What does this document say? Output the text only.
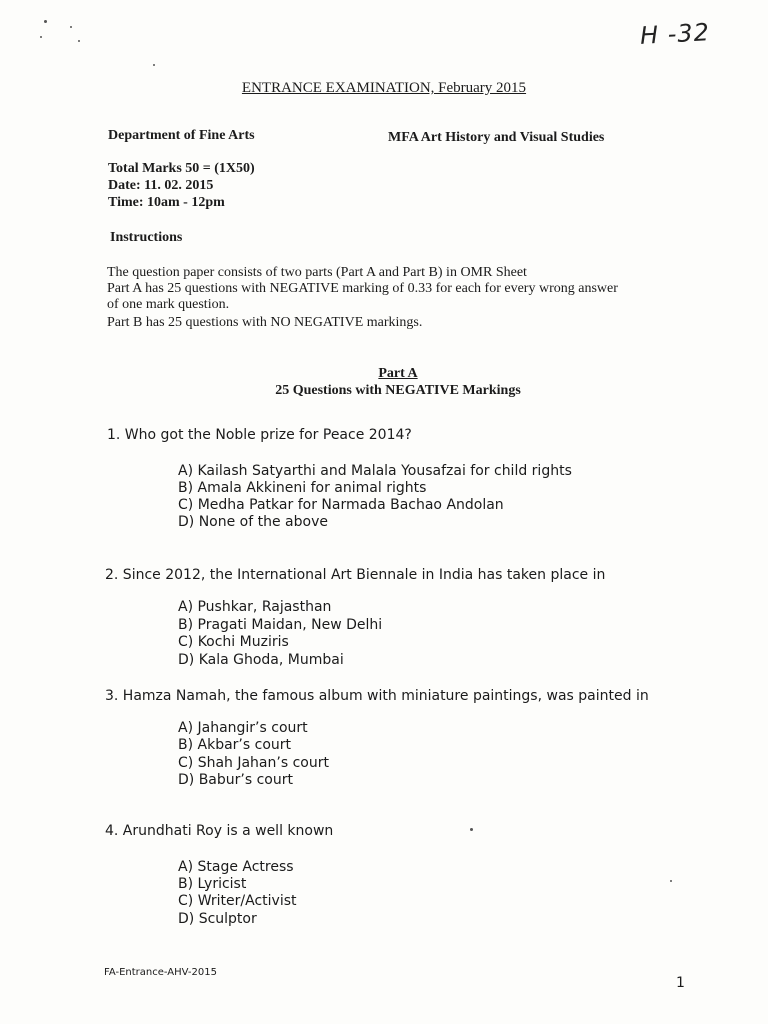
H -32
ENTRANCE EXAMINATION, February 2015
Department of Fine Arts	MFA Art History and Visual Studies
Total Marks 50 = (1X50)
Date: 11. 02. 2015
Time: 10am - 12pm
Instructions
The question paper consists of two parts (Part A and Part B) in OMR Sheet
Part A has 25 questions with NEGATIVE marking of 0.33 for each for every wrong answer
of one mark question.
Part B has 25 questions with NO NEGATIVE markings.
Part A
25 Questions with NEGATIVE Markings
1. Who got the Noble prize for Peace 2014?
A) Kailash Satyarthi and Malala Yousafzai for child rights
B) Amala Akkineni for animal rights
C) Medha Patkar for Narmada Bachao Andolan
D) None of the above
2. Since 2012, the International Art Biennale in India has taken place in
A) Pushkar, Rajasthan
B) Pragati Maidan, New Delhi
C) Kochi Muziris
D) Kala Ghoda, Mumbai
3. Hamza Namah, the famous album with miniature paintings, was painted in
A) Jahangir’s court
B) Akbar’s court
C) Shah Jahan’s court
D) Babur’s court
4. Arundhati Roy is a well known
A) Stage Actress
B) Lyricist
C) Writer/Activist
D) Sculptor
FA-Entrance-AHV-2015
1
